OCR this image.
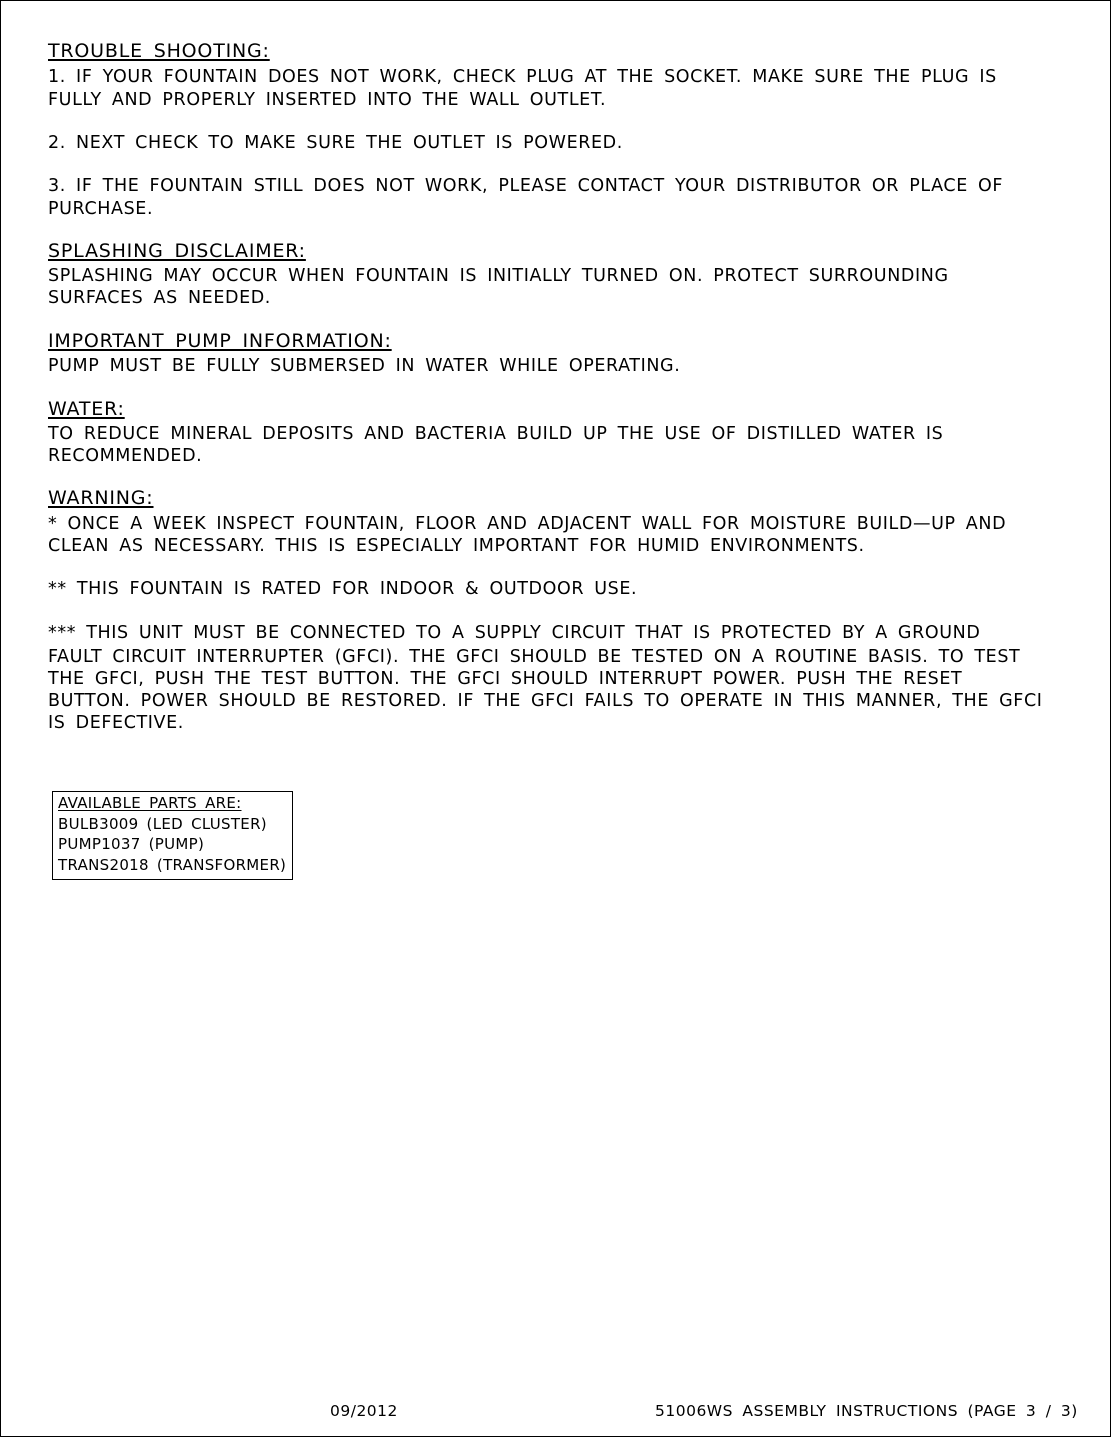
TROUBLE SHOOTING:
1. IF YOUR FOUNTAIN DOES NOT WORK, CHECK PLUG AT THE SOCKET. MAKE SURE THE PLUG IS
FULLY AND PROPERLY INSERTED INTO THE WALL OUTLET.
2. NEXT CHECK TO MAKE SURE THE OUTLET IS POWERED.
3. IF THE FOUNTAIN STILL DOES NOT WORK, PLEASE CONTACT YOUR DISTRIBUTOR OR PLACE OF
PURCHASE.
SPLASHING DISCLAIMER:
SPLASHING MAY OCCUR WHEN FOUNTAIN IS INITIALLY TURNED ON. PROTECT SURROUNDING
SURFACES AS NEEDED.
IMPORTANT PUMP INFORMATION:
PUMP MUST BE FULLY SUBMERSED IN WATER WHILE OPERATING.
WATER:
TO REDUCE MINERAL DEPOSITS AND BACTERIA BUILD UP THE USE OF DISTILLED WATER IS
RECOMMENDED.
WARNING:
* ONCE A WEEK INSPECT FOUNTAIN, FLOOR AND ADJACENT WALL FOR MOISTURE BUILD—UP AND
CLEAN AS NECESSARY. THIS IS ESPECIALLY IMPORTANT FOR HUMID ENVIRONMENTS.
** THIS FOUNTAIN IS RATED FOR INDOOR & OUTDOOR USE.
*** THIS UNIT MUST BE CONNECTED TO A SUPPLY CIRCUIT THAT IS PROTECTED BY A GROUND
FAULT CIRCUIT INTERRUPTER (GFCI). THE GFCI SHOULD BE TESTED ON A ROUTINE BASIS. TO TEST
THE GFCI, PUSH THE TEST BUTTON. THE GFCI SHOULD INTERRUPT POWER. PUSH THE RESET
BUTTON. POWER SHOULD BE RESTORED. IF THE GFCI FAILS TO OPERATE IN THIS MANNER, THE GFCI
IS DEFECTIVE.
AVAILABLE PARTS ARE:
BULB3009 (LED CLUSTER)
PUMP1037 (PUMP)
TRANS2018 (TRANSFORMER)
09/2012	51006WS ASSEMBLY INSTRUCTIONS (PAGE 3 / 3)
